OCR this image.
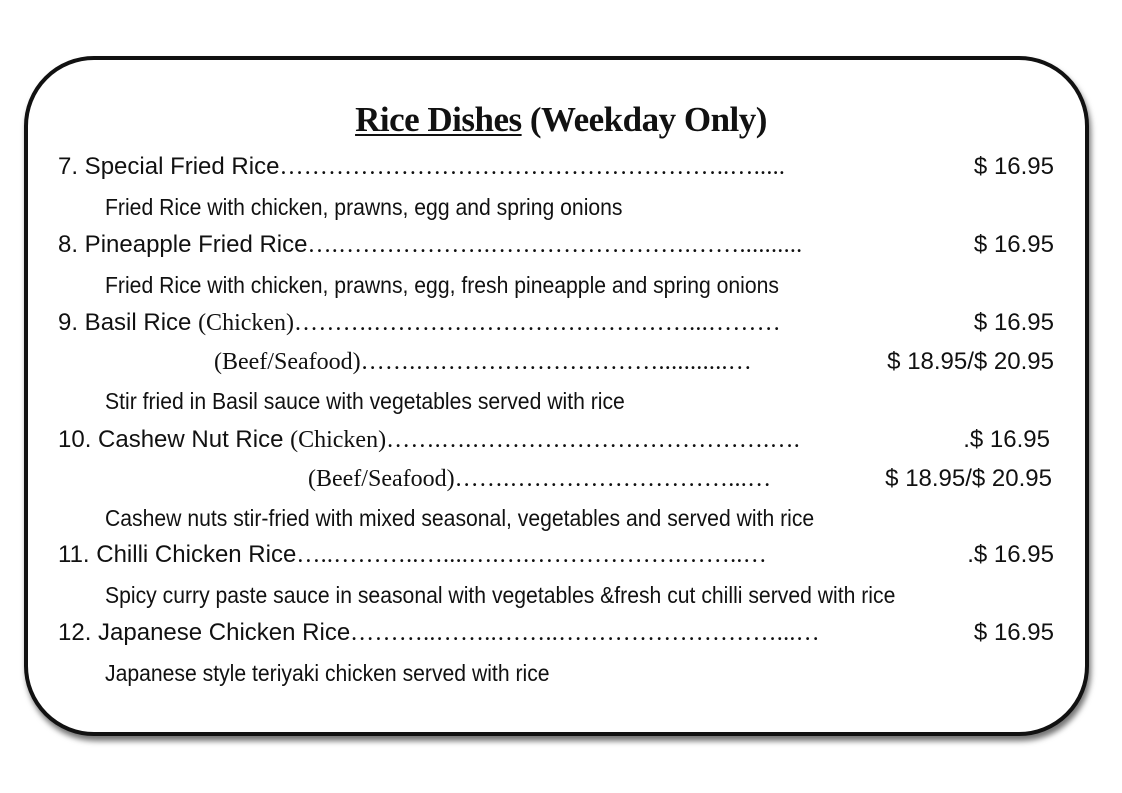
Rice Dishes (Weekday Only)
7. Special Fried Rice………………………………………………..….....	$ 16.95
Fried Rice with chicken, prawns, egg and spring onions
8. Pineapple Fried Rice….……………….…………………….……..........	$ 16.95
Fried Rice with chicken, prawns, egg, fresh pineapple and spring onions
9. Basil Rice (Chicken)……….…………………………………...………	$ 16.95
(Beef/Seafood)…….…………………………...........…	$ 18.95/$ 20.95
Stir fried in Basil sauce with vegetables served with rice
10. Cashew Nut Rice (Chicken)…….….……………………………….….	.$ 16.95
(Beef/Seafood)…….………………………...…	$ 18.95/$ 20.95
Cashew nuts stir-fried with mixed seasonal, vegetables and served with rice
11. Chilli Chicken Rice…..………..…....….….……………….……..…	.$ 16.95
Spicy curry paste sauce in seasonal with vegetables &fresh cut chilli served with rice
12. Japanese Chicken Rice………..……..……..………………………...…	$ 16.95
Japanese style teriyaki chicken served with rice
